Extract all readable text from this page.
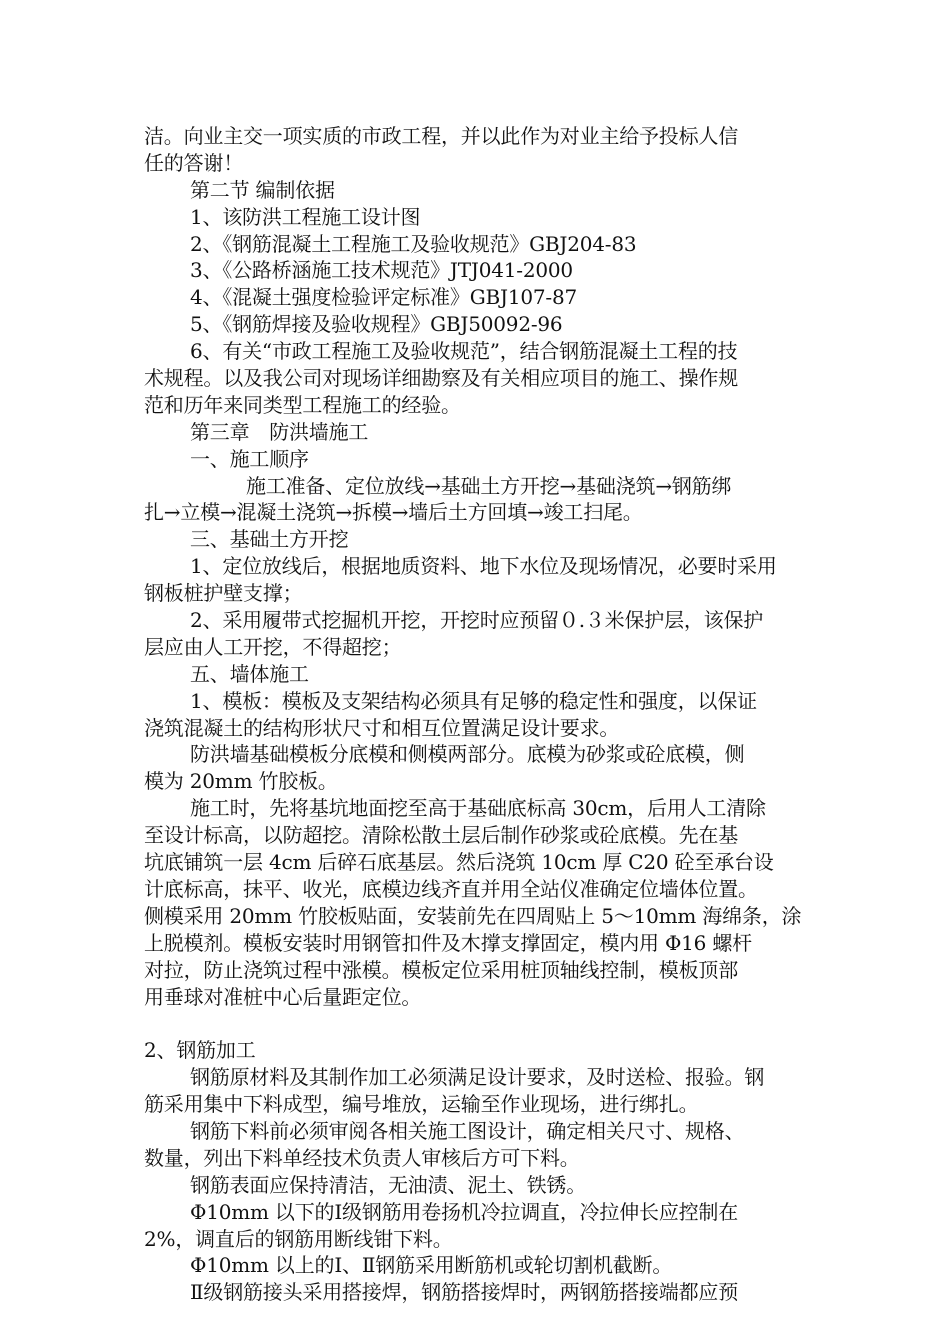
洁。向业主交一项实质的市政工程，并以此作为对业主给予投标人信
任的答谢！
第二节 编制依据
1、该防洪工程施工设计图
2、《钢筋混凝土工程施工及验收规范》GBJ204-83
3、《公路桥涵施工技术规范》JTJ041-2000
4、《混凝土强度检验评定标准》GBJ107-87
5、《钢筋焊接及验收规程》GBJ50092-96
6、有关“市政工程施工及验收规范”，结合钢筋混凝土工程的技
术规程。以及我公司对现场详细勘察及有关相应项目的施工、操作规
范和历年来同类型工程施工的经验。
第三章　防洪墙施工
一、施工顺序
施工准备、定位放线→基础土方开挖→基础浇筑→钢筋绑
扎→立模→混凝土浇筑→拆模→墙后土方回填→竣工扫尾。
三、基础土方开挖
1、定位放线后，根据地质资料、地下水位及现场情况，必要时采用
钢板桩护壁支撑；
2、采用履带式挖掘机开挖，开挖时应预留０.３米保护层，该保护
层应由人工开挖，不得超挖；
五、墙体施工
1、模板：模板及支架结构必须具有足够的稳定性和强度，以保证
浇筑混凝土的结构形状尺寸和相互位置满足设计要求。
防洪墙基础模板分底模和侧模两部分。底模为砂浆或砼底模，侧
模为 20mm 竹胶板。
施工时，先将基坑地面挖至高于基础底标高 30cm，后用人工清除
至设计标高，以防超挖。清除松散土层后制作砂浆或砼底模。先在基
坑底铺筑一层 4cm 后碎石底基层。然后浇筑 10cm 厚 C20 砼至承台设
计底标高，抹平、收光，底模边线齐直并用全站仪准确定位墙体位置。
侧模采用 20mm 竹胶板贴面，安装前先在四周贴上 5～10mm 海绵条，涂
上脱模剂。模板安装时用钢管扣件及木撑支撑固定，模内用 Φ16 螺杆
对拉，防止浇筑过程中涨模。模板定位采用桩顶轴线控制，模板顶部
用垂球对准桩中心后量距定位。
2、钢筋加工
钢筋原材料及其制作加工必须满足设计要求，及时送检、报验。钢
筋采用集中下料成型，编号堆放，运输至作业现场，进行绑扎。
钢筋下料前必须审阅各相关施工图设计，确定相关尺寸、规格、
数量，列出下料单经技术负责人审核后方可下料。
钢筋表面应保持清洁，无油渍、泥土、铁锈。
Φ10mm 以下的Ⅰ级钢筋用卷扬机冷拉调直，冷拉伸长应控制在
2%，调直后的钢筋用断线钳下料。
Φ10mm 以上的Ⅰ、Ⅱ钢筋采用断筋机或轮切割机截断。
Ⅱ级钢筋接头采用搭接焊，钢筋搭接焊时，两钢筋搭接端都应预
